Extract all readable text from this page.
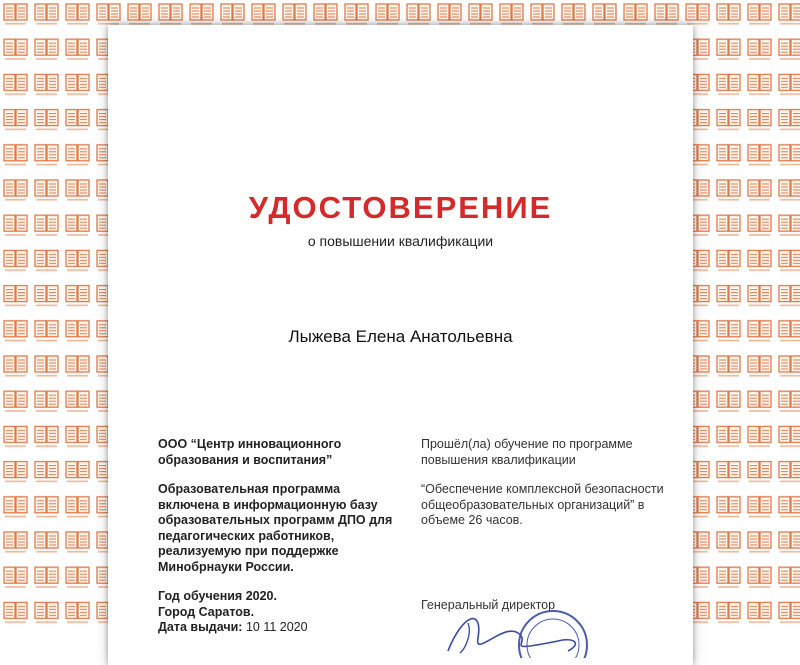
УДОСТОВЕРЕНИЕ
о повышении квалификации
Лыжева Елена Анатольевна

ООО “Центр инновационного образования и воспитания”

Образовательная программа включена в информационную базу образовательных программ ДПО для педагогических работников, реализуемую при поддержке Минобрнауки России.

Год обучения 2020.
Город Саратов.
Дата выдачи: 10 11 2020

Прошёл(ла) обучение по программе повышения квалификации

“Обеспечение комплексной безопасности общеобразовательных организаций” в объеме 26 часов.

Генеральный директор
